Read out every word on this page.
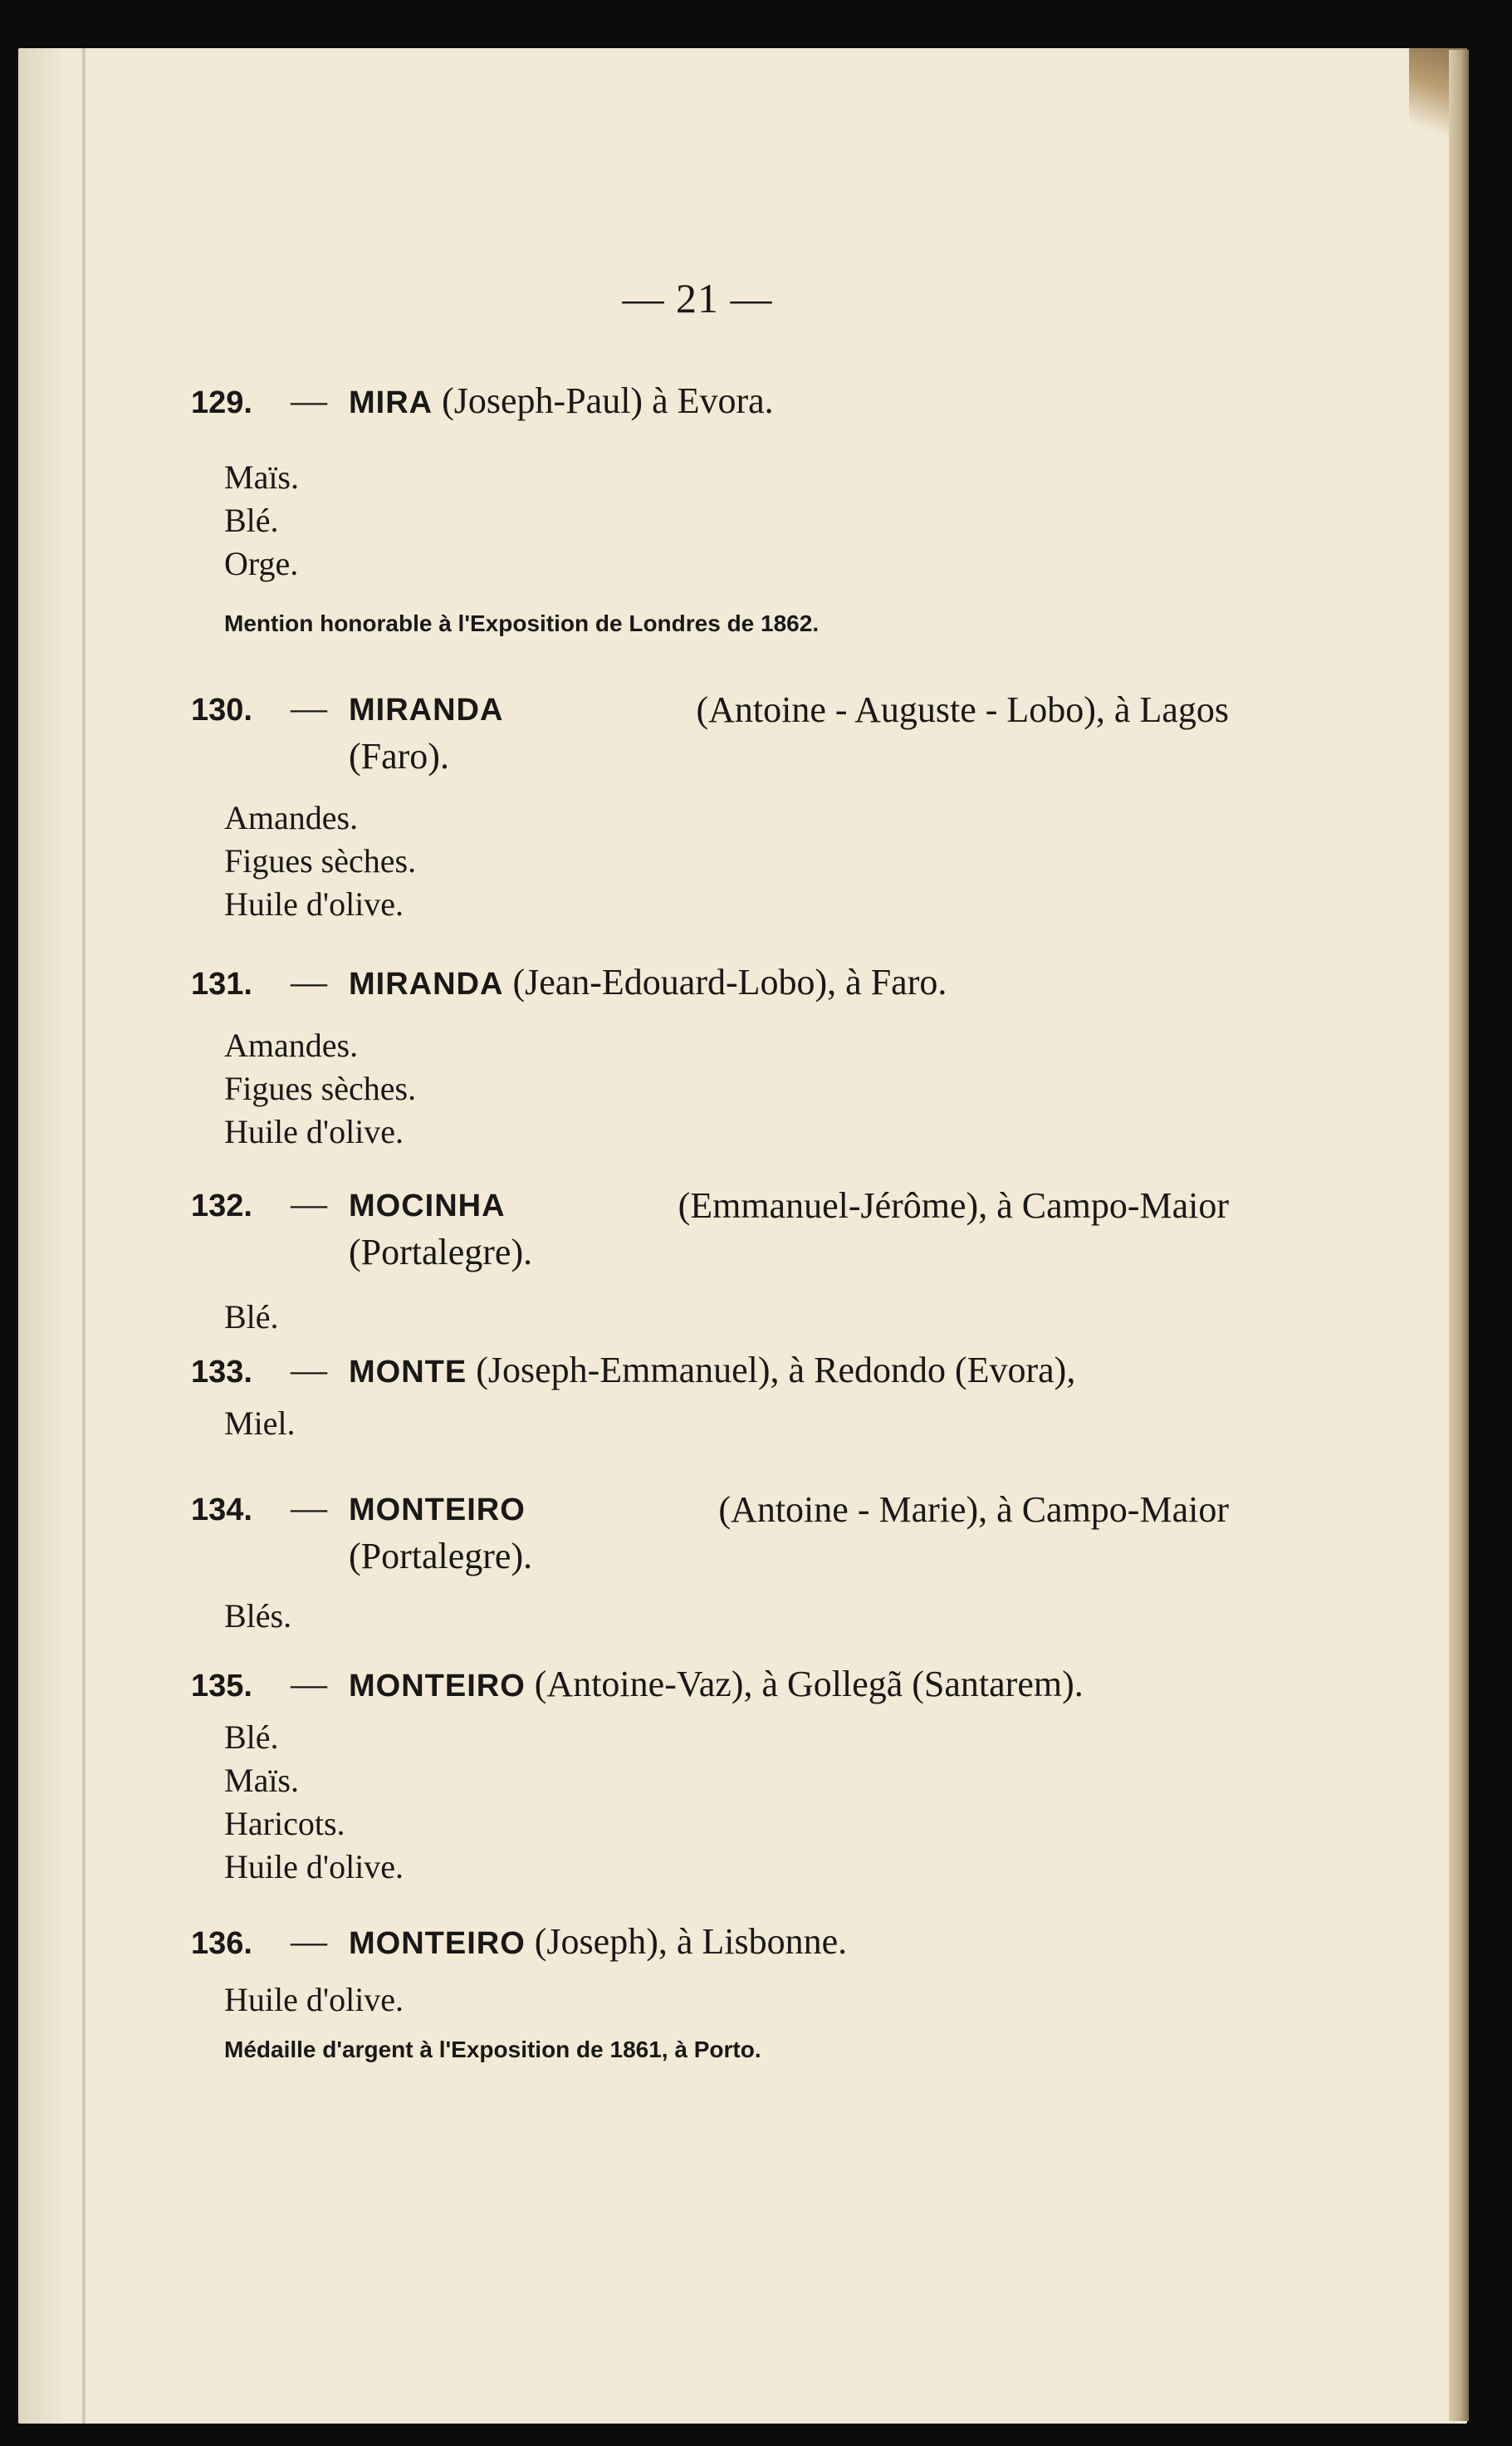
— 21 —
129.	— MIRA (Joseph-Paul) à Evora.
Maïs.
Blé.
Orge.
Mention honorable à l'Exposition de Londres de 1862.
130.	— MIRANDA	(Antoine - Auguste - Lobo), à Lagos
(Faro).
Amandes.
Figues sèches.
Huile d'olive.
131.	— MIRANDA (Jean-Edouard-Lobo), à Faro.
Amandes.
Figues sèches.
Huile d'olive.
132.	— MOCINHA	(Emmanuel-Jérôme), à Campo-Maior
(Portalegre).
Blé.
133.	— MONTE (Joseph-Emmanuel), à Redondo (Evora),
Miel.
134.	— MONTEIRO	(Antoine - Marie), à Campo-Maior
(Portalegre).
Blés.
135.	— MONTEIRO (Antoine-Vaz), à Gollegã (Santarem).
Blé.
Maïs.
Haricots.
Huile d'olive.
136.	— MONTEIRO (Joseph), à Lisbonne.
Huile d'olive.
Médaille d'argent à l'Exposition de 1861, à Porto.
